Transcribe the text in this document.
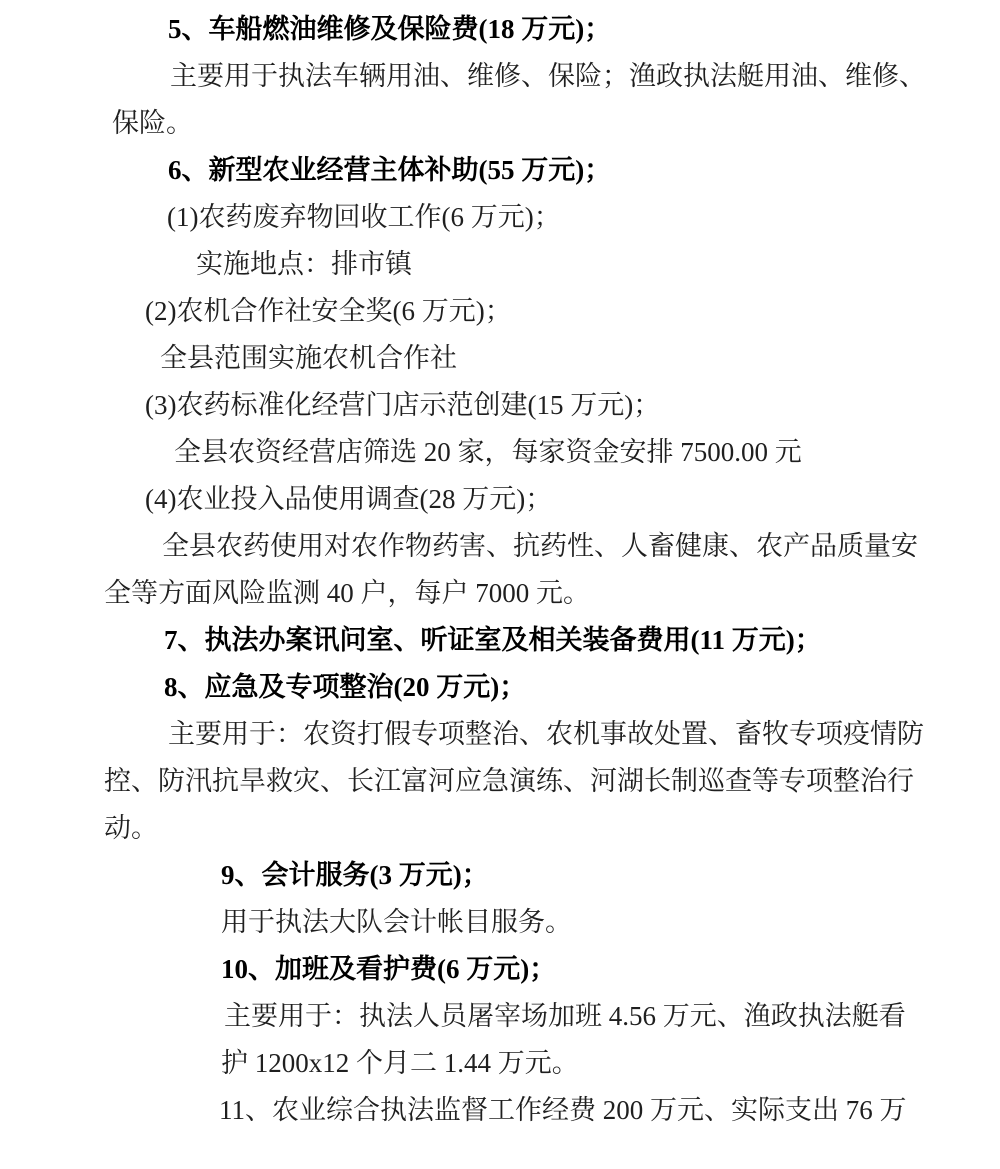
5、车船燃油维修及保险费(18 万元)；
主要用于执法车辆用油、维修、保险；渔政执法艇用油、维修、
保险。
6、新型农业经营主体补助(55 万元)；
(1)农药废弃物回收工作(6 万元)；
实施地点：排市镇
(2)农机合作社安全奖(6 万元)；
全县范围实施农机合作社
(3)农药标准化经营门店示范创建(15 万元)；
全县农资经营店筛选 20 家，每家资金安排 7500.00 元
(4)农业投入品使用调查(28 万元)；
全县农药使用对农作物药害、抗药性、人畜健康、农产品质量安
全等方面风险监测 40 户，每户 7000 元。
7、执法办案讯问室、听证室及相关装备费用(11 万元)；
8、应急及专项整治(20 万元)；
主要用于：农资打假专项整治、农机事故处置、畜牧专项疫情防
控、防汛抗旱救灾、长江富河应急演练、河湖长制巡查等专项整治行
动。
9、会计服务(3 万元)；
用于执法大队会计帐目服务。
10、加班及看护费(6 万元)；
主要用于：执法人员屠宰场加班 4.56 万元、渔政执法艇看
护 1200x12 个月二 1.44 万元。
11、农业综合执法监督工作经费 200 万元、实际支出 76 万
